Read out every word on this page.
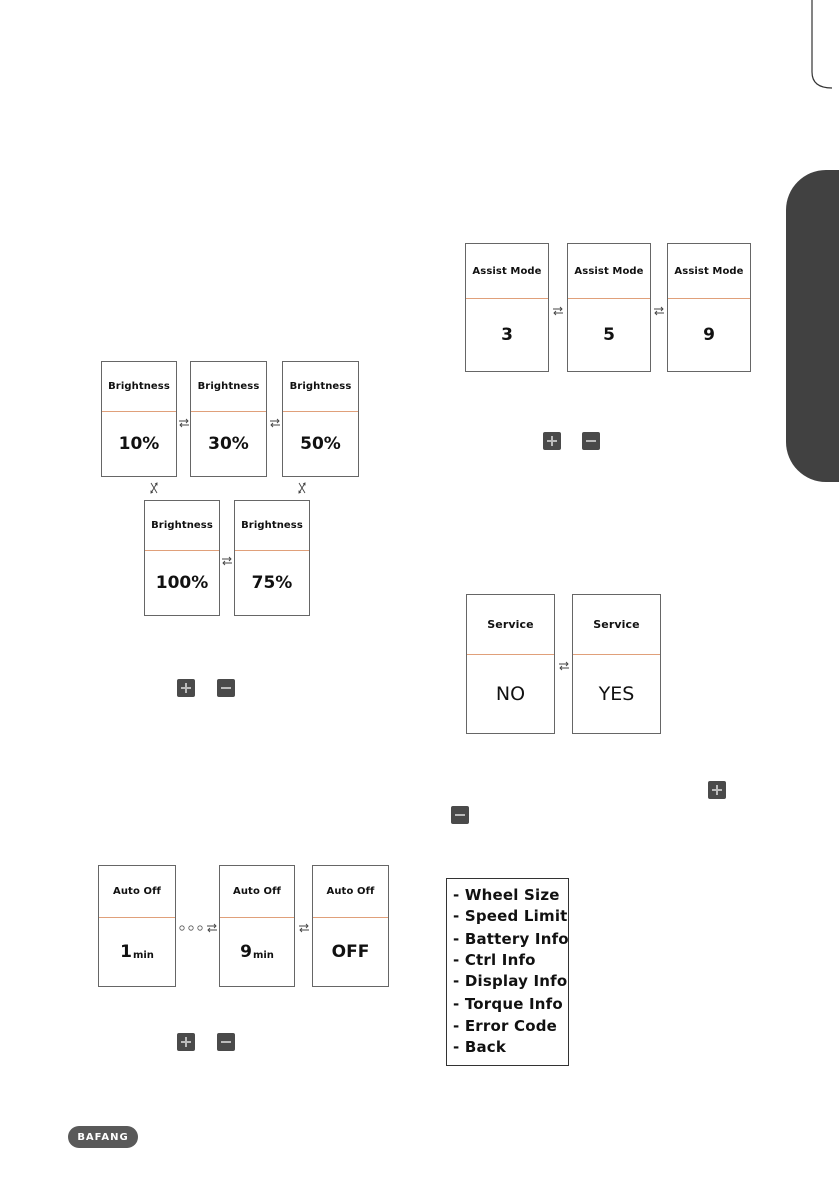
Brightness
10%
Brightness
30%
Brightness
50%
Brightness
100%
Brightness
75%
Auto Off
1 min
Auto Off
9 min
Auto Off
OFF
Assist Mode
3
Assist Mode
5
Assist Mode
9
Service
NO
Service
YES
- Wheel Size
- Speed Limit
- Battery Info
- Ctrl Info
- Display Info
- Torque Info
- Error Code
- Back
BAFANG
